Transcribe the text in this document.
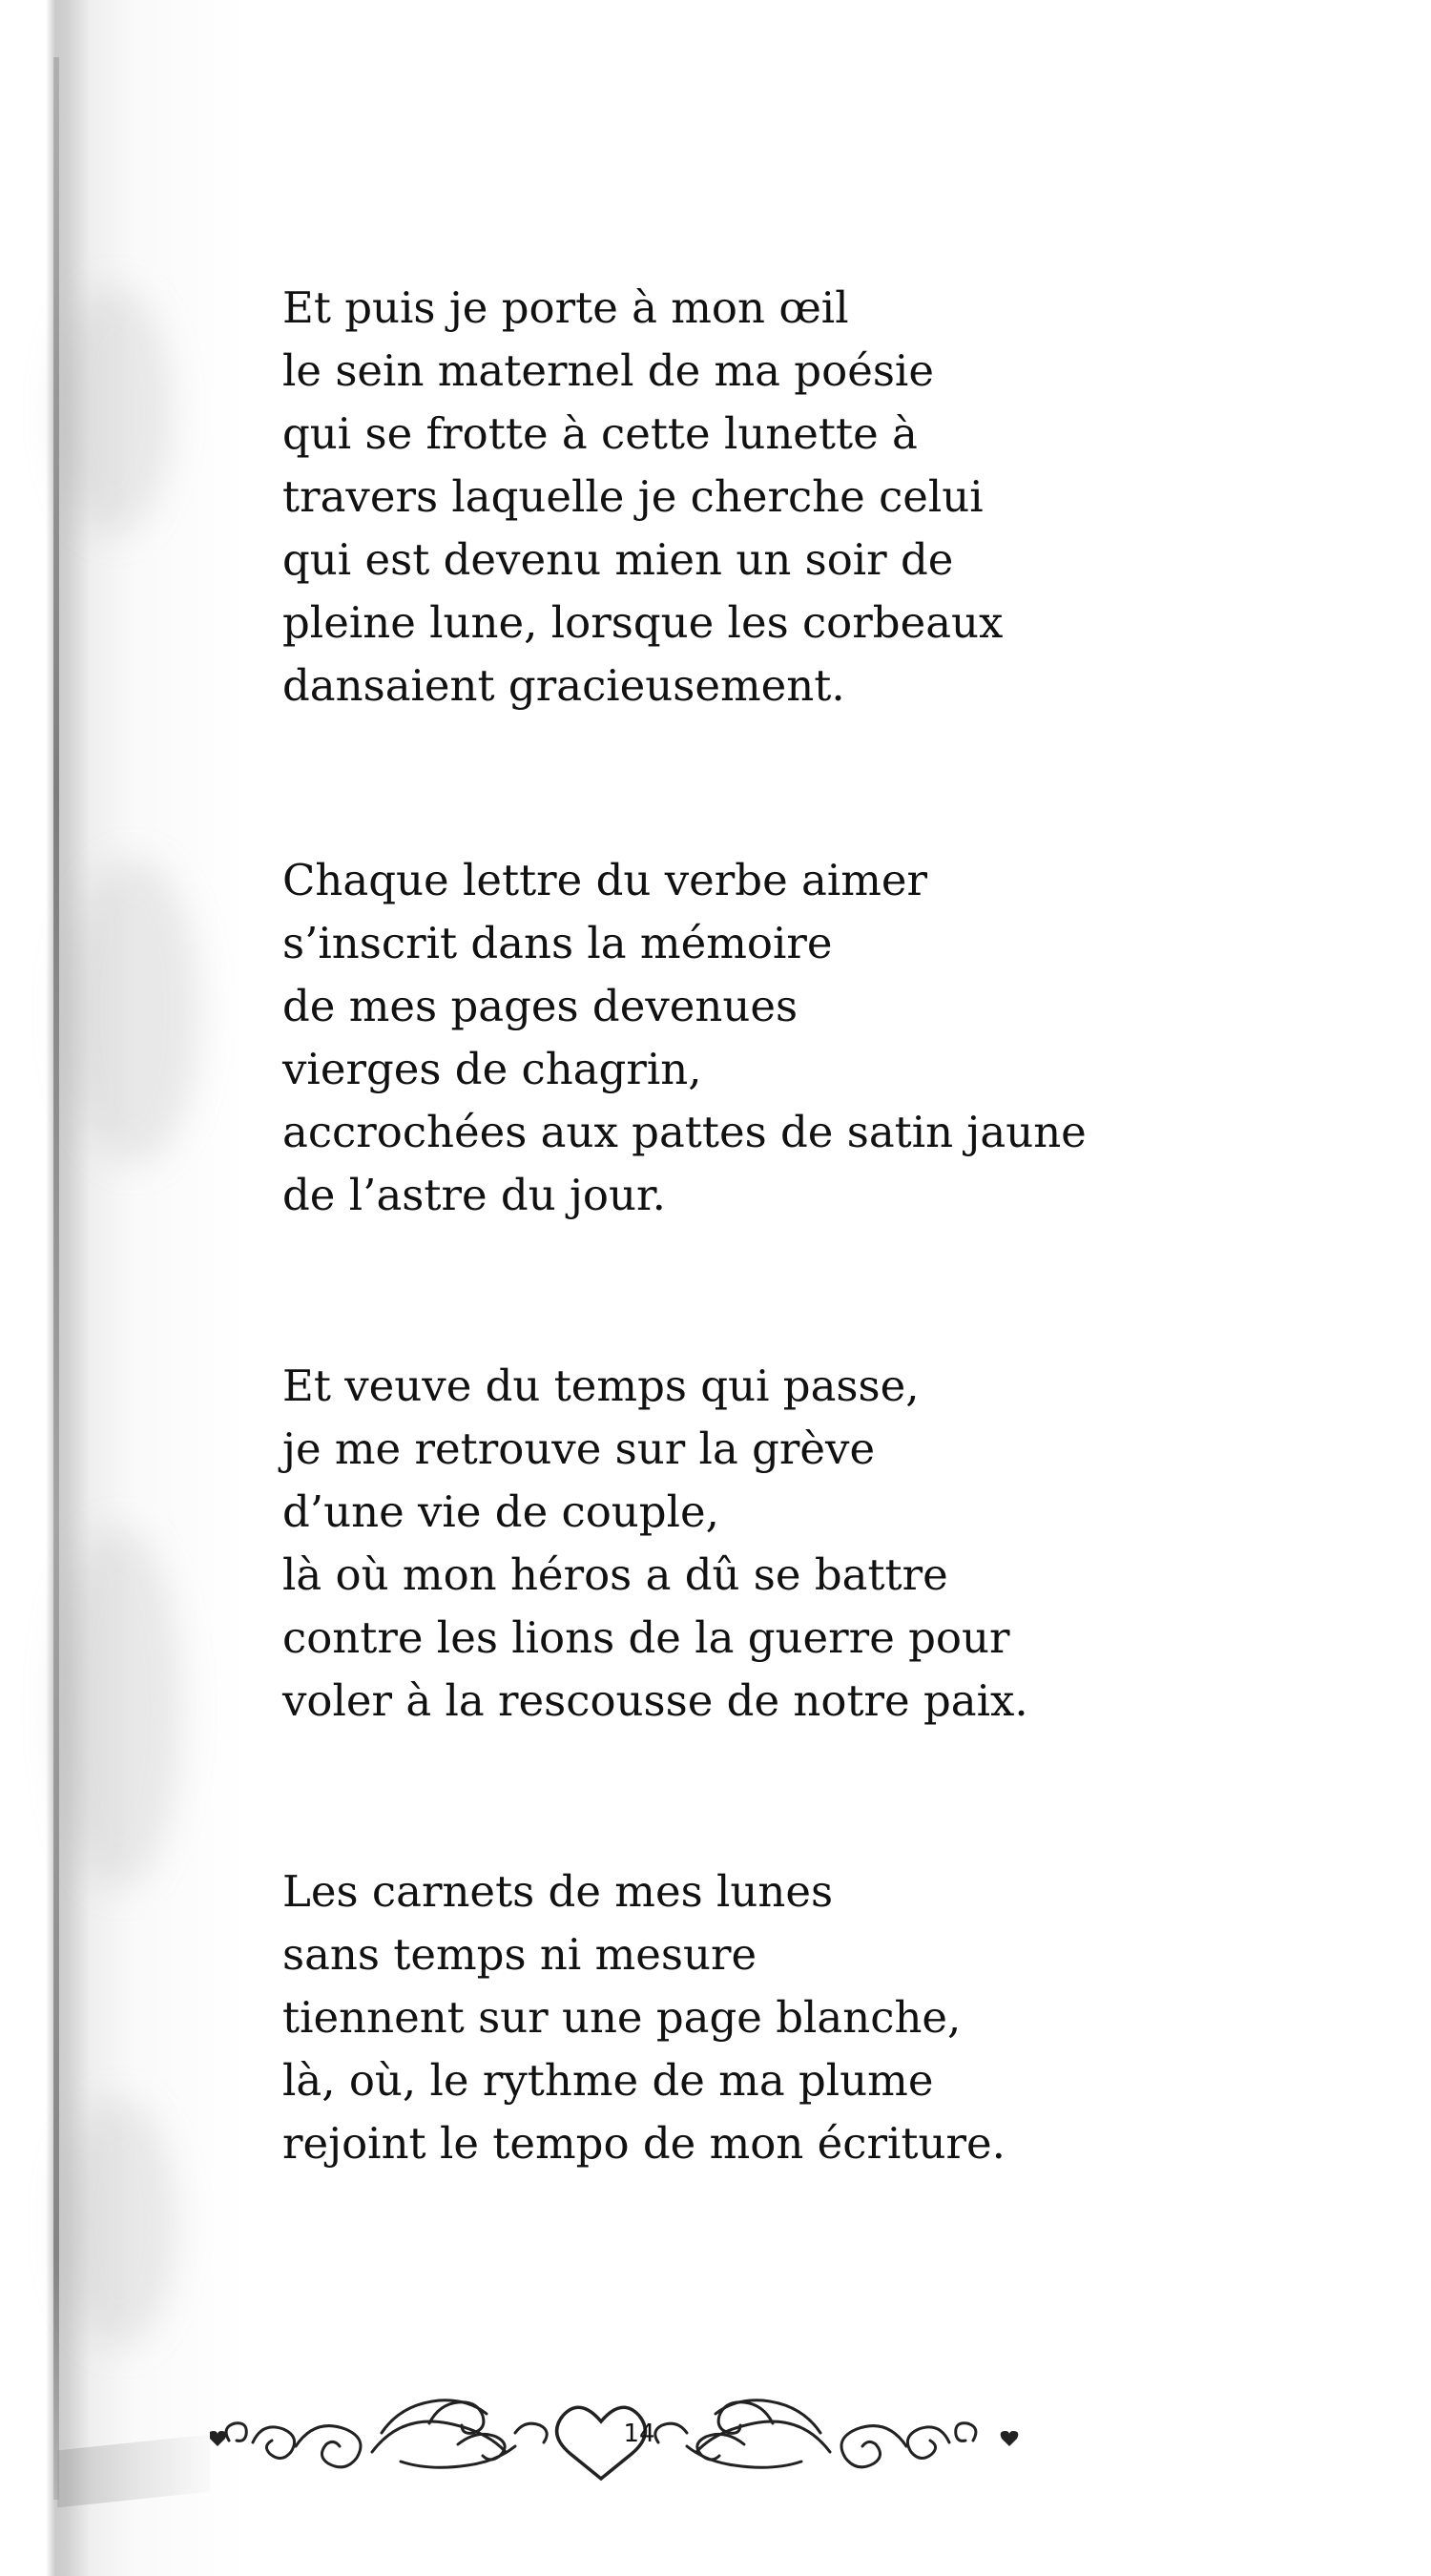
Et puis je porte à mon œil
le sein maternel de ma poésie
qui se frotte à cette lunette à
travers laquelle je cherche celui
qui est devenu mien un soir de
pleine lune, lorsque les corbeaux
dansaient gracieusement.
Chaque lettre du verbe aimer
s’inscrit dans la mémoire
de mes pages devenues
vierges de chagrin,
accrochées aux pattes de satin jaune
de l’astre du jour.
Et veuve du temps qui passe,
je me retrouve sur la grève
d’une vie de couple,
là où mon héros a dû se battre
contre les lions de la guerre pour
voler à la rescousse de notre paix.
Les carnets de mes lunes
sans temps ni mesure
tiennent sur une page blanche,
là, où, le rythme de ma plume
rejoint le tempo de mon écriture.
14
